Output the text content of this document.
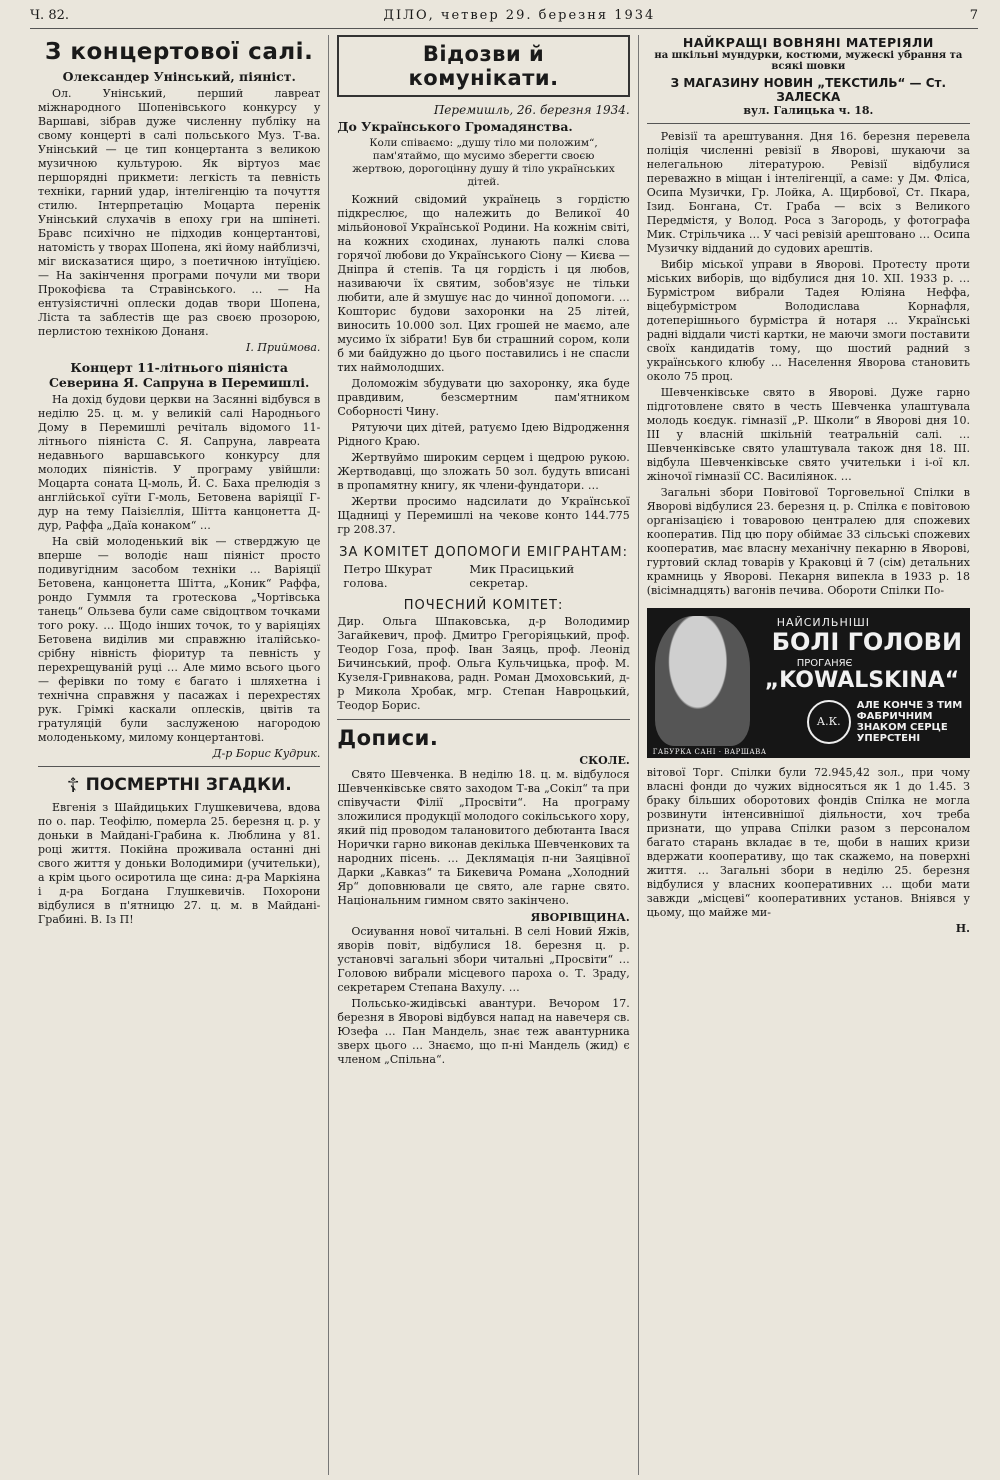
Ч. 82.	ДІЛО, четвер 29. березня 1934	7
З концертової салі.
Олександер Унінський, піяніст.

Ол. Унінський, перший лавреат міжнародного Шопенівського конкурсу у Варшаві, зібрав дуже численну публіку на свому концерті в салі польського Муз. Т-ва. Унінський — це тип концертанта з великою музичною культурою. Як віртуоз має першорядні прикмети: легкість та певність техніки, гарний удар, інтелігенцію та почуття стилю. Інтерпретацію Моцарта перенік Унінський слухачів в епоху гри на шпінеті. Бравс психічно не підходив концертантові, натомість у творах Шопена, які йому найблизчі, міг висказатися щиро, з поетичною інтуїцією. — На закінчення програми почули ми твори Прокофієва та Стравінського. … — На ентузіястичні оплески додав твори Шопена, Ліста та заблестів ще раз своєю прозорою, перлистою технікою Донаня.

І. Приймова.
Концерт 11-літнього піяніста Северина Я. Сапруна в Перемишлі.

На дохід будови церкви на Засянні відбувся в неділю 25. ц. м. у великій салі Народнього Дому в Перемишлі речіталь відомого 11-літнього піяніста С. Я. Сапруна, лавреата недавнього варшавського конкурсу для молодих піяністів. У програму увійшли: Моцарта соната Ц-моль, Й. С. Баха прелюдія з англійської суїти Г-моль, Бетовена варіяції Г-дур на тему Паізієллія, Шітта канцонетта Д-дур, Раффа „Даїа конаком“ …

На свій молоденький вік — стверджую це вперше — володіє наш піяніст просто подивугідним засобом техніки … Варіяції Бетовена, канцонетта Шітта, „Коник“ Раффа, рондо Гуммля та гротескова „Чортівська танець“ Ользева були саме свідоцтвом точками того року. … Щодо інших точок, то у варіяціях Бетовена виділив ми справжню італійсько-срібну нівність фіоритур та певність у перехрещуваній руці … Але мимо всього цього — ферівки по тому є багато і шляхетна і технічна справжня у пасажах і перехрестях рук. Грімкі каскали оплесків, цвітів та гратуляцій були заслуженою нагородою молоденькому, милому концертантові.

Д-р Борис Кудрик.
☦ ПОСМЕРТНІ ЗГАДКИ.

Евгенія з Шайдицьких Глушкевичева, вдова по о. пар. Теофілю, померла 25. березня ц. р. у доньки в Майдані-Грабина к. Люблина у 81. році життя. Покійна проживала останні дні свого життя у доньки Володимири (учительки), а крім цього осиротила ще сина: д-ра Маркіяна і д-ра Богдана Глушкевичів. Похорони відбулися в п'ятницю 27. ц. м. в Майдані-Грабині. В. Із П!

Відозви й комунікати.
Перемишль, 26. березня 1934.
До Українського Громадянства.
Коли співаємо: „душу тіло ми положим“, пам'ятаймо, що мусимо зберегти своєю жертвою, дорогоцінну душу й тіло українських дітей.

Кожний свідомий українець з гордістю підкреслює, що належить до Великої 40 мільйонової Української Родини. На кожнім світі, на кожних сходинах, лунають палкі слова горячої любови до Українського Сіону — Києва — Дніпра й степів. Та ця гордість і ця любов, називаючи їх святим, зобов'язує не тільки любити, але й змушує нас до чинної допомоги. … Кошторис будови захоронки на 25 літей, виносить 10.000 зол. Цих грошей не маємо, але мусимо їх зібрати! Був би страшний сором, коли б ми байдужно до цього поставились і не спасли тих наймолодших.

Доломожім збудувати цю захоронку, яка буде правдивим, безсмертним пам'ятником Соборності Чину.

Рятуючи цих дітей, ратуємо Ідею Відродження Рідного Краю.

Жертвуймо широким серцем і щедрою рукою. Жертводавці, що зложать 50 зол. будуть вписані в пропамятну книгу, як члени-фундатори. …

Жертви просимо надсилати до Української Щадниці у Перемишлі на чекове конто 144.775 гр 208.37.

ЗА КОМІТЕТ ДОПОМОГИ ЕМІГРАНТАМ:
Петро Шкурат голова.
Мик Прасицький секретар.
ПОЧЕСНИЙ КОМІТЕТ:

Дир. Ольга Шпаковська, д-р Володимир Загайкевич, проф. Дмитро Грегоріяцький, проф. Теодор Гоза, проф. Іван Заяць, проф. Леонід Бичинський, проф. Ольга Кульчицька, проф. М. Кузеля-Гривнакова, радн. Роман Дмоховський, д-р Микола Хробак, мгр. Степан Навроцький, Теодор Борис.

Дописи.
СКОЛЕ.

Свято Шевченка. В неділю 18. ц. м. відбулося Шевченківське свято заходом Т-ва „Сокіл“ та при співучасти Філії „Просвіти“. На програму зложилися продукції молодого сокільського хору, який під проводом талановитого дебютанта Івася Норички гарно виконав декілька Шевченкових та народних пісень. … Деклямація п-ни Заяцівної Дарки „Кавказ“ та Бикевича Романа „Холодний Яр“ доповнювали це свято, але гарне свято. Національним гимном свято закінчено.

ЯВОРІВЩИНА.

Осиування нової читальні. В селі Новий Яжів, яворів повіт, відбулися 18. березня ц. р. установчі загальні збори читальні „Просвіти“ … Головою вибрали місцевого пароха о. Т. Зраду, секретарем Степана Вахулу. …

Польсько-жидівські авантури. Вечором 17. березня в Яворові відбувся напад на навечеря св. Юзефа … Пан Мандель, знає теж авантурника зверх цього … Знаємо, що п-ні Мандель (жид) є членом „Спільна“.

НАЙКРАЩІ ВОВНЯНІ МАТЕРІЯЛИ
на шкільні мундурки, костюми, мужескі убрання та всякі шовки
З МАГАЗИНУ НОВИН „ТЕКСТИЛЬ“ — Ст. ЗАЛЕСКА
вул. Галицька ч. 18.

Ревізії та арештування. Дня 16. березня перевела поліція численні ревізії в Яворові, шукаючи за нелегальною літературою. Ревізії відбулися переважно в міщан і інтелігенції, а саме: у Дм. Фліса, Осипа Музички, Гр. Лойка, А. Щирбової, Ст. Пкара, Ізид. Бонгана, Ст. Граба — всіх з Великого Передмістя, у Волод. Роса з Загородь, у фотографа Мик. Стрільчика … У часі ревізій арештовано … Осипа Музичку відданий до судових арештів.

Вибір міської управи в Яворові. Протесту проти міських виборів, що відбулися дня 10. XII. 1933 р. … Бурмістром вибрали Тадея Юліяна Неффа, віцебурмістром Володислава Корнафля, дотеперішнього бурмістра й нотаря … Українські радні віддали чисті картки, не маючи змоги поставити своїх кандидатів тому, що шостий радний з українського клюбу … Населення Яворова становить около 75 проц.

Шевченківське свято в Яворові. Дуже гарно підготовлене свято в честь Шевченка улаштувала молодь коєдук. гімназії „Р. Школи“ в Яворові дня 10. III у власній шкільній театральній салі. … Шевченківське свято улаштувала також дня 18. III. відбула Шевченківське свято учительки і і-ої кл. жіночої гімназії СС. Василіянок. …

Загальні збори Повітової Торговельної Спілки в Яворові відбулися 23. березня ц. р. Спілка є повітовою організацією і товаровою централею для спожевих кооператив. Під цю пору обіймає 33 сільські спожевих кооператив, має власну механічну пекарню в Яворові, гуртовий склад товарів у Краковці й 7 (сім) детальних крамниць у Яворові. Пекарня випекла в 1933 р. 18 (вісімнадцять) вагонів печива. Обороти Спілки По-

НАЙСИЛЬНІШІ
БОЛІ ГОЛОВИ
ПРОГАНЯЄ
„KOWALSKINA“
А.К.
АЛЕ КОНЧЕ З ТИМ ФАБРИЧНИМ ЗНАКОМ СЕРЦЕ УПЕРСТЕНІ
ГАБУРКА САНІ · ВАРШАВА

вітової Торг. Спілки були 72.945,42 зол., при чому власні фонди до чужих відносяться як 1 до 1.45. З браку більших оборотових фондів Спілка не могла розвинути інтенсивнішої діяльности, хоч треба признати, що управа Спілки разом з персоналом багато старань вкладає в те, щоби в наших кризи вдержати кооперативу, що так скажемо, на поверхні життя. … Загальні збори в неділю 25. березня відбулися у власних кооперативних … щоби мати завжди „місцеві“ кооперативних установ. Вніявся у цьому, що майже ми-

Н.
